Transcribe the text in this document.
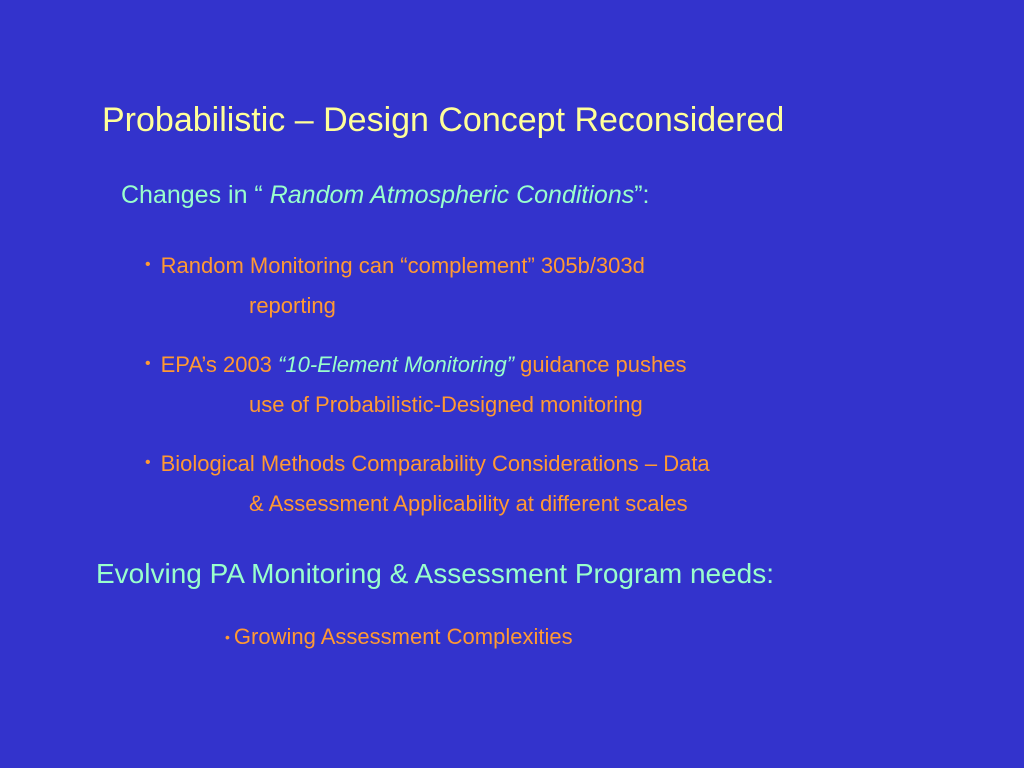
Probabilistic – Design Concept Reconsidered
Changes in “ Random Atmospheric Conditions”:
• Random Monitoring can “complement” 305b/303d
reporting
• EPA’s 2003 “10-Element Monitoring” guidance pushes
use of Probabilistic-Designed monitoring
• Biological Methods Comparability Considerations – Data
& Assessment Applicability at different scales
Evolving PA Monitoring & Assessment Program needs:
• Growing Assessment Complexities
